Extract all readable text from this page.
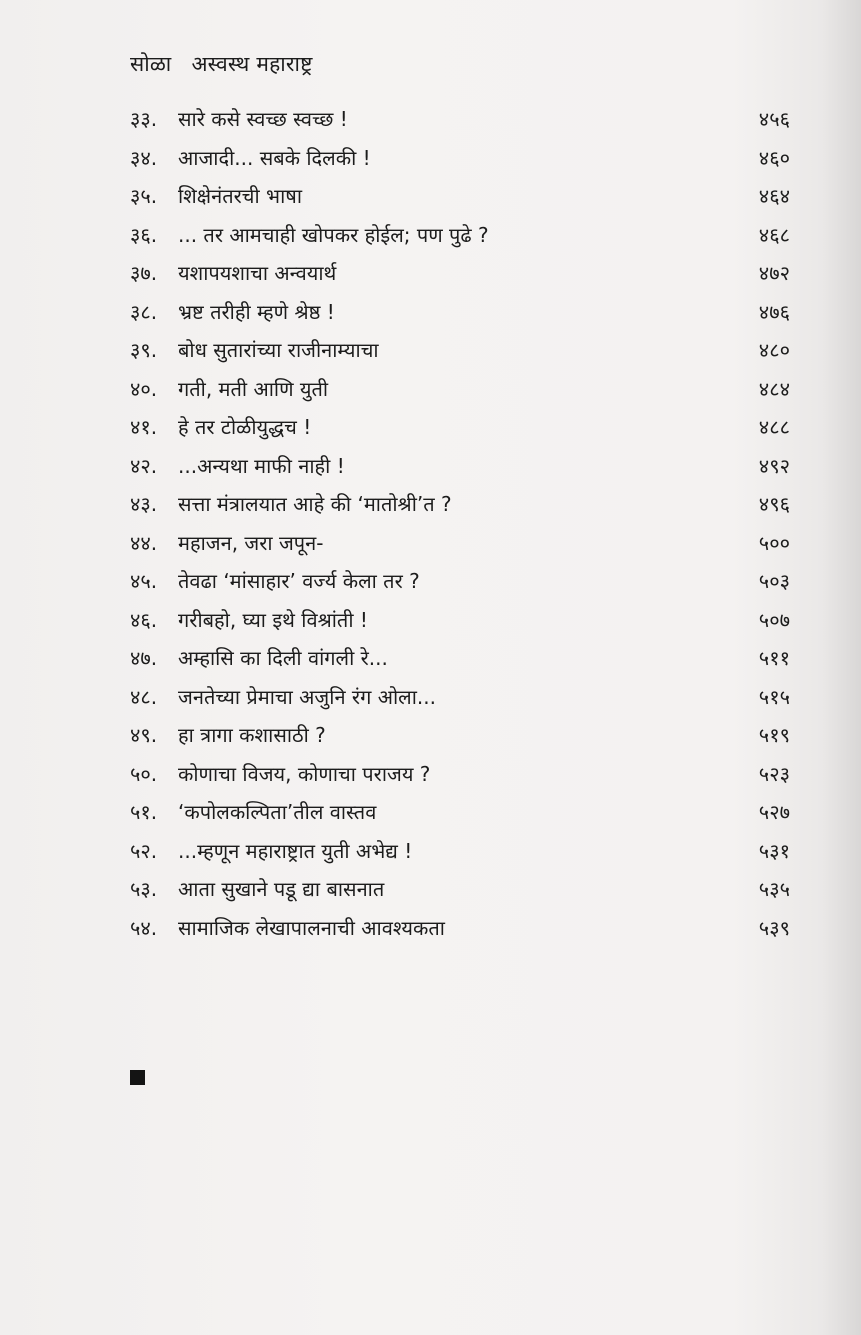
सोळा अस्वस्थ महाराष्ट्र
३३. सारे कसे स्वच्छ स्वच्छ !	४५६
३४. आजादी... सबके दिलकी !	४६०
३५. शिक्षेनंतरची भाषा	४६४
३६. ... तर आमचाही खोपकर होईल; पण पुढे ?	४६८
३७. यशापयशाचा अन्वयार्थ	४७२
३८. भ्रष्ट तरीही म्हणे श्रेष्ठ !	४७६
३९. बोध सुतारांच्या राजीनाम्याचा	४८०
४०. गती, मती आणि युती	४८४
४१. हे तर टोळीयुद्धच !	४८८
४२. ...अन्यथा माफी नाही !	४९२
४३. सत्ता मंत्रालयात आहे की ‘मातोश्री’त ?	४९६
४४. महाजन, जरा जपून-	५००
४५. तेवढा ‘मांसाहार’ वर्ज्य केला तर ?	५०३
४६. गरीबहो, घ्या इथे विश्रांती !	५०७
४७. अम्हासि का दिली वांगली रे...	५११
४८. जनतेच्या प्रेमाचा अजुनि रंग ओला...	५१५
४९. हा त्रागा कशासाठी ?	५१९
५०. कोणाचा विजय, कोणाचा पराजय ?	५२३
५१. ‘कपोलकल्पिता’तील वास्तव	५२७
५२. ...म्हणून महाराष्ट्रात युती अभेद्य !	५३१
५३. आता सुखाने पडू द्या बासनात	५३५
५४. सामाजिक लेखापालनाची आवश्यकता	५३९
